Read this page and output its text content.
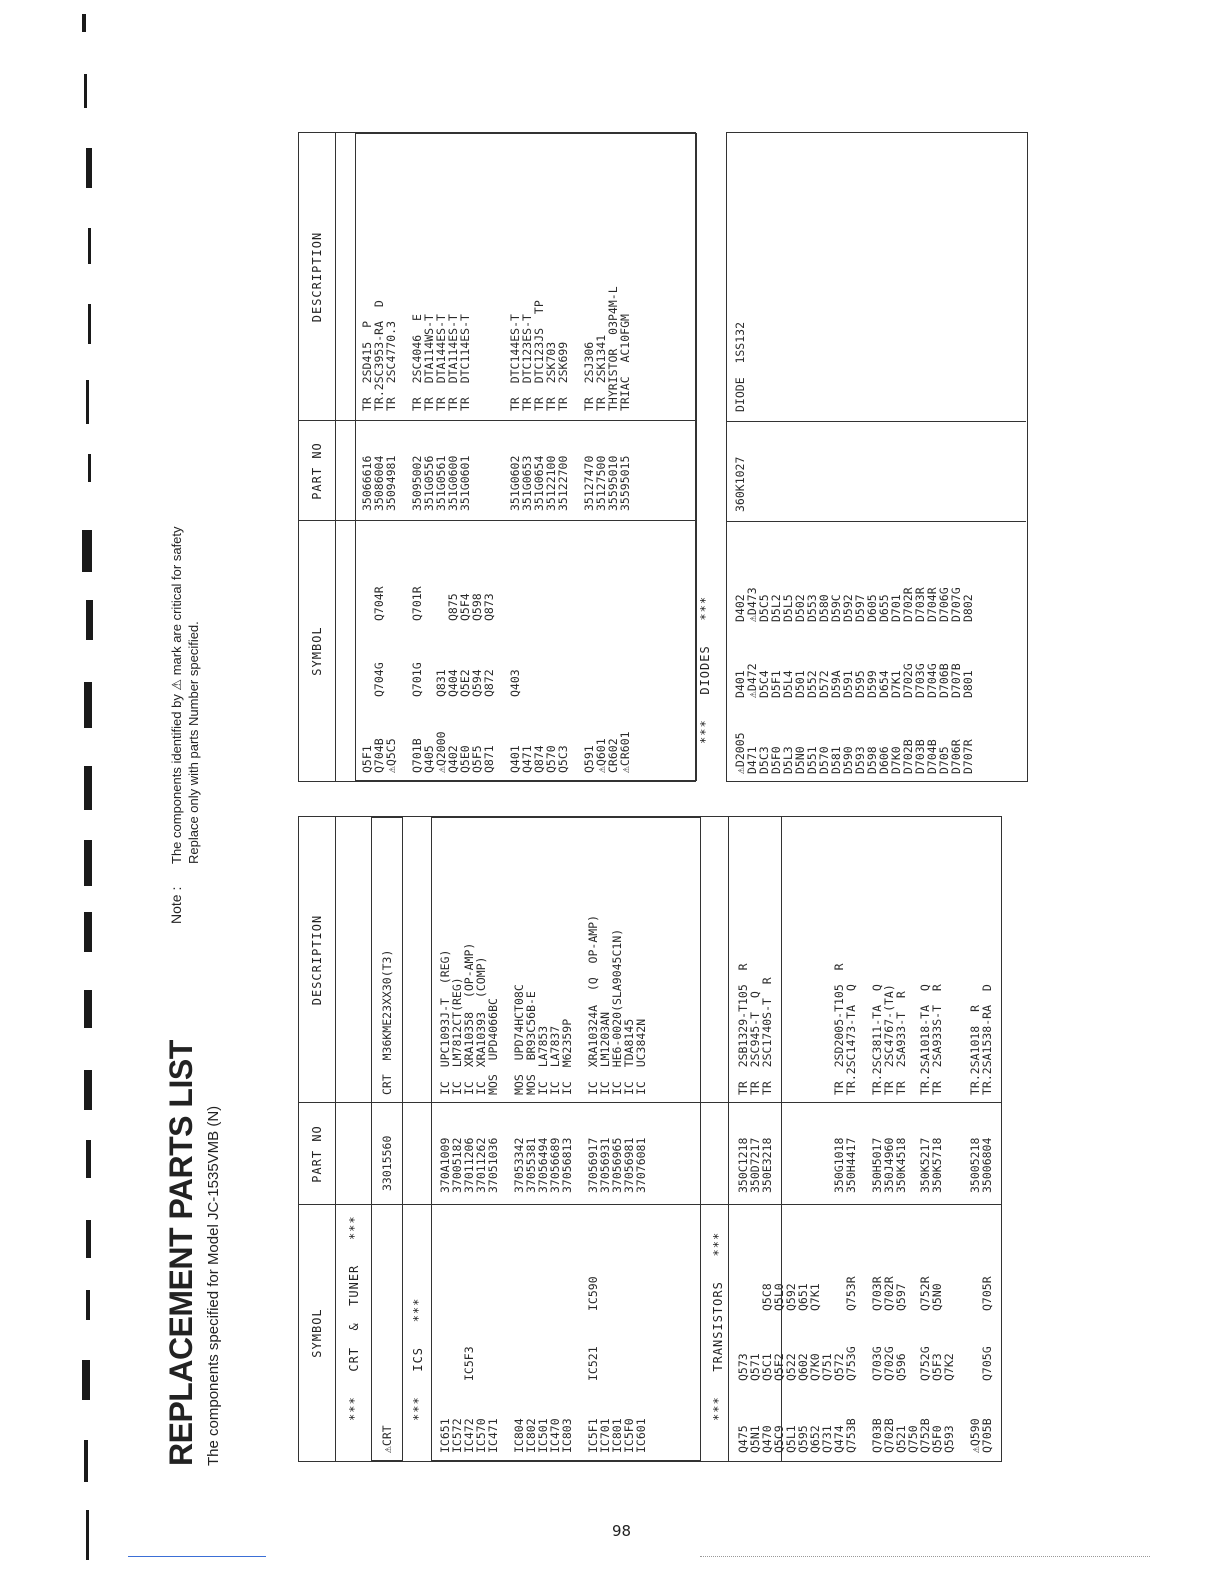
98
REPLACEMENT PARTS LIST The components specified for Model JC-1535VMB (N)
Note :
The components identified by ⚠ mark are critical for safety Replace only with parts Number specified.
SYMBOL
PART NO
DESCRIPTION
***   CRT  &  TUNER   ***
⚠CRT
33015560
CRT  M36KME23XX30(T3)
***   ICS   ***
IC651
370A1009
IC  UPC1093J-T  (REG)
IC572
37005182
IC  LM7812CT(REG)
IC472
IC5F3
37011206
IC  XRA10358  (OP-AMP)
IC570
37011262
IC  XRA10393  (COMP)
IC471
37051036
MOS  UPD4066BC
IC804
37053342
MOS  UPD74HCT08C
IC802
37055381
MOS  BR93C56B-E
IC501
37056494
IC  LA7853
IC470
37056689
IC  LA7837
IC803
37056813
IC  M62359P
IC5F1
IC521
IC590
37056917
IC  XRA10324A  (Q  OP-AMP)
IC701
37056931
IC  LM1203AN
IC801
37056965
IC  HE6-0020(SLA9045C1N)
IC5F0
37056981
IC  TDA8145
IC601
37076081
IC  UC3842N
***   TRANSISTORS   ***
SYMBOL
PART NO
DESCRIPTION
Q5F1
35066616
TR  2SD415  P
Q704B
Q704G
Q704R
35086004
TR.2SC3953-RA  D
⚠Q5C5
35094981
TR  2SC4770.3
Q701B
Q701G
Q701R
35095002
TR  2SC4046  E
Q405
351G0556
TR  DTA114WS-T
⚠Q2000
Q831
351G0561
TR  DTA144ES-T
Q402
Q404
Q875
351G0600
TR  DTA114ES-T
Q5E0
Q5E2
Q5F4
351G0601
TR  DTC114ES-T
Q5F5
Q594
Q598
Q871
Q872
Q873
Q401
Q403
351G0602
TR  DTC144ES-T
Q471
351G0653
TR  DTC123ES-T
Q874
351G0654
TR  DTC123JS  TP
Q570
35122100
TR  2SK703
Q5C3
35122700
TR  2SK699
Q591
35127470
TR  2SJ306
⚠Q601
35127500
TR  2SK1341
CR602
35595010
THYRISTOR  03P4M-L
⚠CR601
35595015
TRIAC  AC10FGM
***   DIODES   ***
⚠D2005
D401
D402
D471
⚠D472
⚠D473
D5C3
D5C4
D5C5
D5F0
D5F1
D5L2
D5L3
D5L4
D5L5
D5N0
D501
D502
D551
D552
D553
D570
D572
D580
D581
D59A
D59C
D590
D591
D592
D593
D595
D597
D598
D599
D605
D606
D654
D655
D7K0
D7K1
D701
D702B
D702G
D702R
D703B
D703G
D703R
D704B
D704G
D704R
D705
D706B
D706G
D706R
D707B
D707G
D707R
D801
D802
360K1027
DIODE  1SS132
Q475
Q573
350C1218
TR  2SB1329-T105  R
Q5N1
Q571
350D7217
TR  2SC945-T  Q
Q470
Q5C1
Q5C8
350E3218
TR  2SC1740S-T  R
Q5C9
Q5F2
Q5L0
Q5L1
Q522
Q592
Q595
Q602
Q651
Q652
Q7K0
Q7K1
Q731
Q751
Q474
Q572
350G1018
TR  2SD2005-T105  R
Q753B
Q753G
Q753R
350H4417
TR.2SC1473-TA  Q
Q703B
Q703G
Q703R
350H5017
TR.2SC3811-TA  Q
Q702B
Q702G
Q702R
350J4960
TR  2SC4767-(TA)
Q521
Q596
Q597
350K4518
TR  2SA933-T  R
Q750
Q752B
Q752G
Q752R
350K5217
TR.2SA1018-TA  Q
Q5F0
Q5F3
Q5N0
350K5718
TR  2SA933S-T  R
Q593
Q7K2
⚠Q590
35005218
TR.2SA1018  R
Q705B
Q705G
Q705R
35006804
TR.2SA1538-RA  D
